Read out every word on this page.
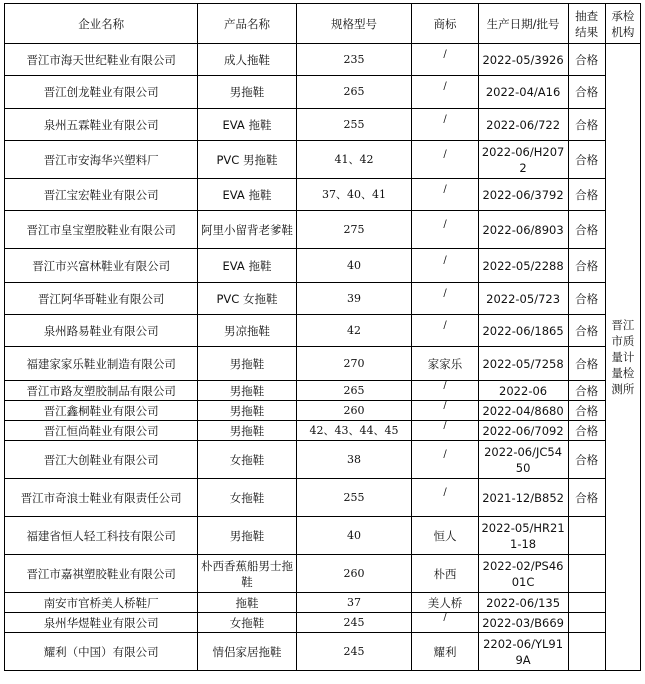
企业名称	产品名称	规格型号	商标	生产日期/批号	抽查结果	承检机构
晋江市海天世纪鞋业有限公司	成人拖鞋	235	/	2022-05/3926	合格	晋江市质量计量检测所
晋江创龙鞋业有限公司	男拖鞋	265	/	2022-04/A16	合格	
泉州五霖鞋业有限公司	EVA 拖鞋	255	/	2022-06/722	合格	
晋江市安海华兴塑料厂	PVC 男拖鞋	41、42	/	2022-06/H2072	合格	
晋江宝宏鞋业有限公司	EVA 拖鞋	37、40、41	/	2022-06/3792	合格	
晋江市皇宝塑胶鞋业有限公司	阿里小留背老爹鞋	275	/	2022-06/8903	合格	
晋江市兴富林鞋业有限公司	EVA 拖鞋	40	/	2022-05/2288	合格	
晋江阿华哥鞋业有限公司	PVC 女拖鞋	39	/	2022-05/723	合格	
泉州路易鞋业有限公司	男凉拖鞋	42	/	2022-06/1865	合格	
福建家家乐鞋业制造有限公司	男拖鞋	270	家家乐	2022-05/7258	合格	
晋江市路友塑胶制品有限公司	男拖鞋	265	/	2022-06	合格	
晋江鑫桐鞋业有限公司	男拖鞋	260	/	2022-04/8680	合格	
晋江恒尚鞋业有限公司	男拖鞋	42、43、44、45	/	2022-06/7092	合格	
晋江大创鞋业有限公司	女拖鞋	38	/	2022-06/JC5450	合格	
晋江市奇浪士鞋业有限责任公司	女拖鞋	255	/	2021-12/B852	合格	
福建省恒人轻工科技有限公司	男拖鞋	40	恒人	2022-05/HR211-18		
晋江市嘉祺塑胶鞋业有限公司	朴西香蕉船男士拖鞋	260	朴西	2022-02/PS4601C		
南安市官桥美人桥鞋厂	拖鞋	37	美人桥	2022-06/135		
泉州华煜鞋业有限公司	女拖鞋	245	/	2022-03/B669		
耀利（中国）有限公司	情侣家居拖鞋	245	耀利	2202-06/YL919A		
